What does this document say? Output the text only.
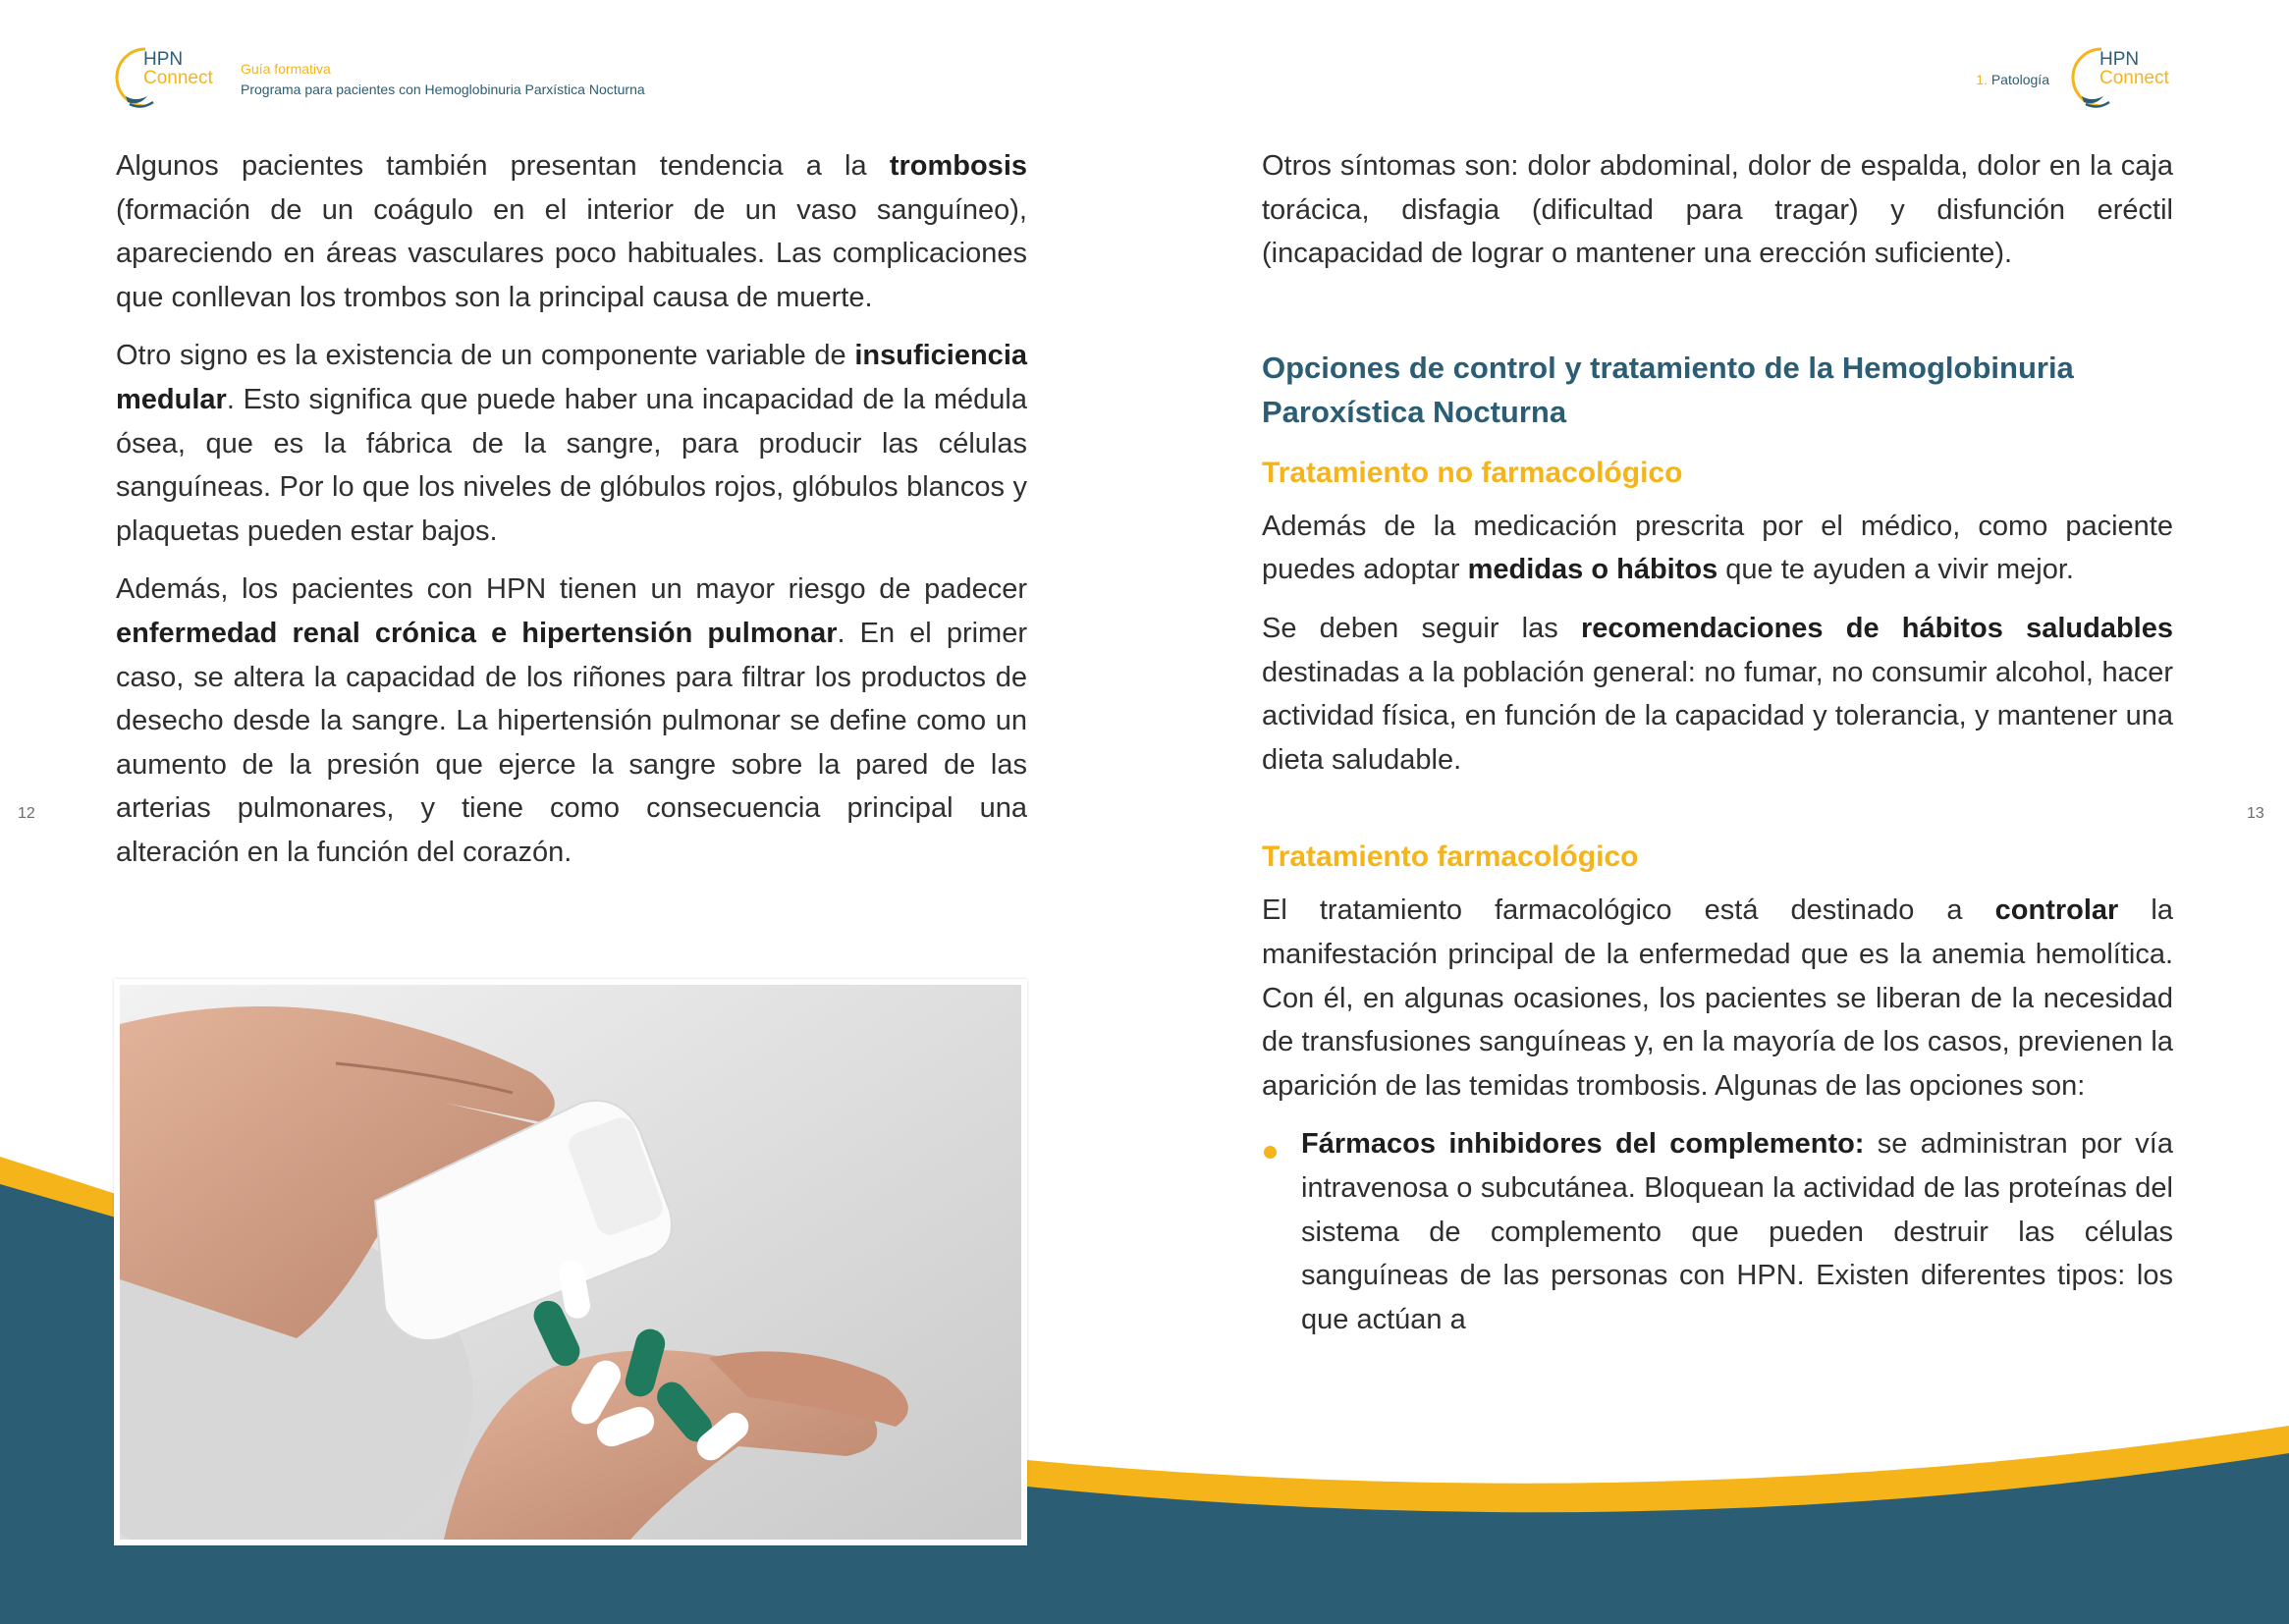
HPN
Connect Guía formativa
Programa para pacientes con Hemoglobinuria Parxística Nocturna
1. Patología
HPN
Connect
12	13

Algunos pacientes también presentan tendencia a la trombosis (formación de un coágulo en el interior de un vaso sanguíneo), apareciendo en áreas vasculares poco habituales. Las complicaciones que conllevan los trombos son la principal causa de muerte.

Otro signo es la existencia de un componente variable de insuficiencia medular. Esto significa que puede haber una incapacidad de la médula ósea, que es la fábrica de la sangre, para producir las células sanguíneas. Por lo que los niveles de glóbulos rojos, glóbulos blancos y plaquetas pueden estar bajos.

Además, los pacientes con HPN tienen un mayor riesgo de padecer enfermedad renal crónica e hipertensión pulmonar. En el primer caso, se altera la capacidad de los riñones para filtrar los productos de desecho desde la sangre. La hipertensión pulmonar se define como un aumento de la presión que ejerce la sangre sobre la pared de las arterias pulmonares, y tiene como consecuencia principal una alteración en la función del corazón.

Otros síntomas son: dolor abdominal, dolor de espalda, dolor en la caja torácica, disfagia (dificultad para tragar) y disfunción eréctil (incapacidad de lograr o mantener una erección suficiente).

Opciones de control y tratamiento de la Hemoglobinuria Paroxística Nocturna
Tratamiento no farmacológico

Además de la medicación prescrita por el médico, como paciente puedes adoptar medidas o hábitos que te ayuden a vivir mejor.

Se deben seguir las recomendaciones de hábitos saludables destinadas a la población general: no fumar, no consumir alcohol, hacer actividad física, en función de la capacidad y tolerancia, y mantener una dieta saludable.

Tratamiento farmacológico

El tratamiento farmacológico está destinado a controlar la manifestación principal de la enfermedad que es la anemia hemolítica. Con él, en algunas ocasiones, los pacientes se liberan de la necesidad de transfusiones sanguíneas y, en la mayoría de los casos, previenen la aparición de las temidas trombosis. Algunas de las opciones son:

Fármacos inhibidores del complemento: se administran por vía intravenosa o subcutánea. Bloquean la actividad de las proteínas del sistema de complemento que pueden destruir las células sanguíneas de las personas con HPN. Existen diferentes tipos: los que actúan a
